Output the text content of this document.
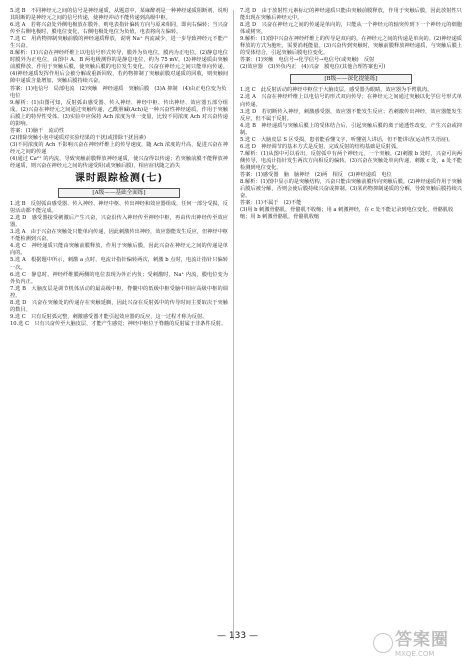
5.选 B　不同神经元之间的信号是神经递质，从题意中，某麻醉剂是一种神经递质阻断剂，说明其阻断的是神经元之间的信号传递，使神经冲动不能传递到高级中枢。

6.选 A　若将兴奋处外侧电极放在膜外，则电表指针偏转方向与原来相同，即向右偏转；当兴奋传至右侧电极时，膜电位变化，右侧电极处电位为负值，电表将向左偏转。

7.选 C　用药物抑制突触前膜的神经递质释放，说明 Na⁺ 内流减少，进一步导致神经元不能产生兴奋。

8.解析：(1)兴奋在神经纤维上以电信号形式传导，膜外为负电位，膜内为正电位。(2)静息电位时膜外为正电位，由图中 A、B 两电极测得的是静息电位，约为 75 mV。(3)神经递质由突触前膜释放，作用于突触后膜，使突触后膜的电位发生变化，兴奋在神经元之间只能单向传递。(4)神经递质发挥作用后会被分解或重新回收，若药物抑制了突触前膜对递质的回收，则突触间隙中递质含量增加，突触后膜持续兴奋。

答案：(1)电信号　局部电流　(2)突触　神经递质　突触后膜　(3)A 抑制　(4)由正电位变为负电位

9.解析：(1)由图可知，反射弧由感受器、传入神经、神经中枢、传出神经、效应器五部分组成。(2)兴奋在神经元之间通过突触传递，乙酰胆碱(Ach)是一种兴奋性神经递质，作用于突触后膜上的特异性受体。(3)实验中应保持 Ach 浓度为单一变量，比较不同浓度 Ach 对兴奋传递的影响。

答案：(1)脑干　流动性

(2)排除突触小泡中递质对实验结果的干扰(或排除干扰因素)

(3)不同浓度的 Ach 不影响兴奋在神经纤维上的传导速度，随 Ach 浓度的升高，促进兴奋在神经元之间的传递

(4)通过 Ca²⁺ 的内流，导致突触前膜释放神经递质，使兴奋得以传递；若突触前膜不能释放神经递质，则兴奋在神经元之间的传递受阻(或突触后膜)，相应症状随之消失

课时跟踪检测(七)
[A级——基础全面练]

1.选 B　反射弧由感受器、传入神经、神经中枢、传出神经和效应器组成，任何一部分受损，反射活动都不能完成。

2.选 D　感受器接受刺激后产生兴奋，兴奋沿传入神经传至神经中枢，再由传出神经传至效应器。

3.选 A　由于兴奋在突触处只能单向传递，因此刺激传出神经，效应器能发生反应，但神经中枢不能检测到兴奋。

4.选 C　神经递质只能由突触前膜释放，作用于突触后膜，因此兴奋在神经元之间的传递是单向的。

5.选 A　根据题中所示，刺激 a 点时，电流计指针偏转两次，刺激 b 点时，电流计指针只偏转一次。

6.选 C　静息时，神经纤维膜两侧的电位表现为外正内负；受刺激时，Na⁺ 内流，膜电位变为外负内正。

7.选 B　大脑皮层是调节机体活动的最高级中枢，脊髓中的低级中枢受脑中相应高级中枢的调控。

8.选 D　兴奋在突触处的传递存在突触延搁，因此兴奋在反射弧中的传导时间主要取决于突触的数目。

9.选 C　只有反射弧完整，刺激感受器才能引起效应器的反应，这一过程才称为反射。

10.选 C　只有兴奋传至大脑皮层，才能产生感觉；神经中枢位于脊髓的反射属于非条件反射。

7.选 D　由于放射性元素标记的神经递质只能由突触前膜释放，作用于突触后膜，因此放射性只能出现在突触后神经元中。

8.选 D　兴奋在神经元之间的传递是单向的，只能从一个神经元的轴突传到下一个神经元的细胞体或树突。

9.解析：(1)图中兴奋在神经纤维上的传导是双向的，在神经元之间的传递是单向的。(2)神经递质释放的方式为胞吐，需要消耗能量。(3)兴奋传到突触时，突触前膜释放神经递质，与突触后膜上的受体结合，引起突触后膜电位变化。

答案：(1)突触　电信号→化学信号→电信号(或突触)　反射

(2)效应器　(3)外负内正　(4)兴奋　膜电位(其他合理答案也可)

[B级——深化提能练]

1.选 C　此反射活动的神经中枢位于大脑皮层，感受器为眼睛，效应器为手臂肌肉。

2.选 A　兴奋在神经纤维上以电信号的形式双向传导；在神经元之间通过突触以化学信号形式单向传递。

3.选 D　若切断传入神经，刺激感受器，效应器不能发生反应；若刺激传出神经，效应器能发生反应，但不属于反射。

4.选 B　神经递质与突触后膜上的受体结合后，引起突触后膜的离子通透性改变，产生兴奋或抑制。

5.选 C　大脑皮层 S 区受损，患者能看懂文字，听懂别人讲话，但不能讲话(运动性失语症)。

6.选 D　神经调节的基本方式是反射，完成反射的结构基础是反射弧。

7.解析：(1)从图中可以看出，反射弧中有两个神经元，一个突触。(2)刺激 b 处时，兴奋可向两侧传导，电流计指针发生两次方向相反的偏转。(3)兴奋在突触处单向传递，刺激 c 处，a 处不能检测到电位变化。

答案：(1)感受器　脑　脑神经　(2)两　相反　(3)神经递质　电位

8.解析：(1)图中显示的是突触结构，兴奋只能由突触前膜传向突触后膜。(2)神经递质作用于突触后膜后被分解，否则会使后膜持续兴奋或抑制。(3)某药物抑制递质的分解，导致突触后膜持续兴奋。

答案：(1)不属于　(2)不能

(3)用 b 刺激骨骼肌，骨骼肌不收缩；用 a 刺激神经，在 c 处不能记录到电位变化，骨骼肌收缩；用 b 刺激骨骼肌，骨骼肌收缩

— 133 —	答案圈
MXQE.COM
